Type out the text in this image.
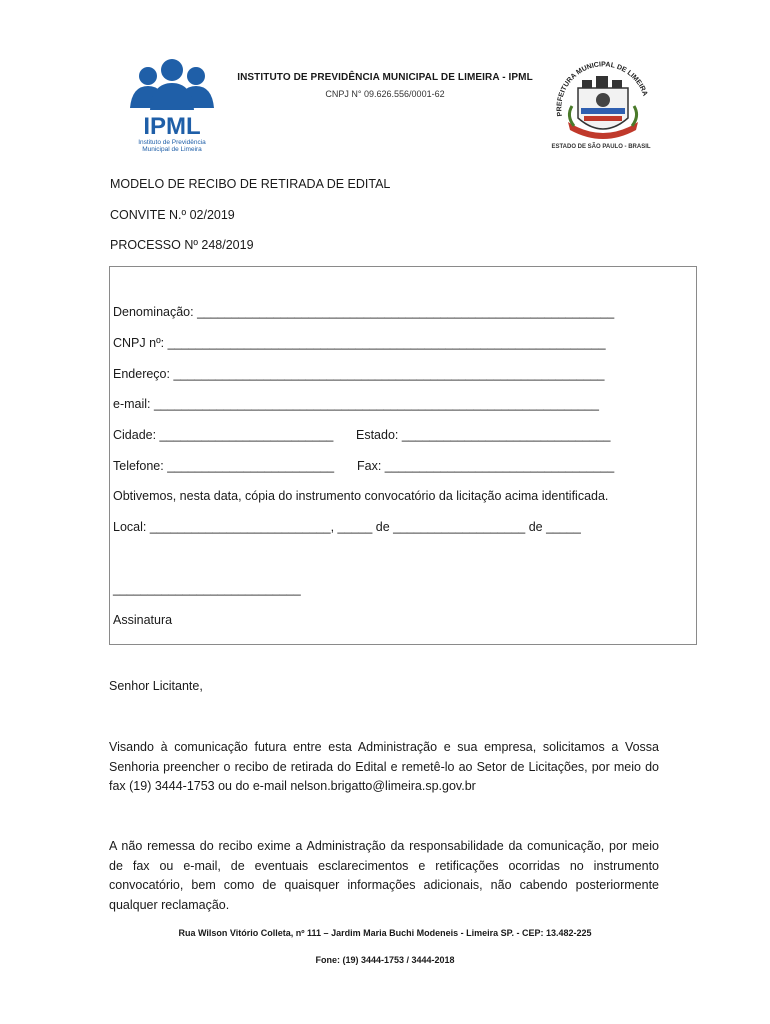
IPML
Instituto de Previdência
Municipal de Limeira
INSTITUTO DE PREVIDÊNCIA MUNICIPAL DE LIMEIRA - IPML
CNPJ N° 09.626.556/0001-62
PREFEITURA MUNICIPAL DE LIMEIRA
ESTADO DE SÃO PAULO - BRASIL
MODELO DE RECIBO DE RETIRADA DE EDITAL
CONVITE N.º 02/2019
PROCESSO Nº 248/2019
Denominação: ____________________________________________________________
CNPJ nº: _______________________________________________________________
Endereço: ______________________________________________________________
e-mail: ________________________________________________________________
Cidade: _________________________ Estado: ______________________________
Telefone: ________________________ Fax: _________________________________
Obtivemos, nesta data, cópia do instrumento convocatório da licitação acima identificada.
Local: __________________________, _____ de ___________________ de _____
___________________________
Assinatura
Senhor Licitante,
Visando à comunicação futura entre esta Administração e sua empresa, solicitamos a Vossa Senhoria preencher o recibo de retirada do Edital e remetê-lo ao Setor de Licitações, por meio do fax (19) 3444-1753 ou do e-mail nelson.brigatto@limeira.sp.gov.br
A não remessa do recibo exime a Administração da responsabilidade da comunicação, por meio de fax ou e-mail, de eventuais esclarecimentos e retificações ocorridas no instrumento convocatório, bem como de quaisquer informações adicionais, não cabendo posteriormente qualquer reclamação.
Rua Wilson Vitório Colleta, nº 111 – Jardim Maria Buchi Modeneis - Limeira SP. - CEP: 13.482-225
Fone: (19) 3444-1753 / 3444-2018
